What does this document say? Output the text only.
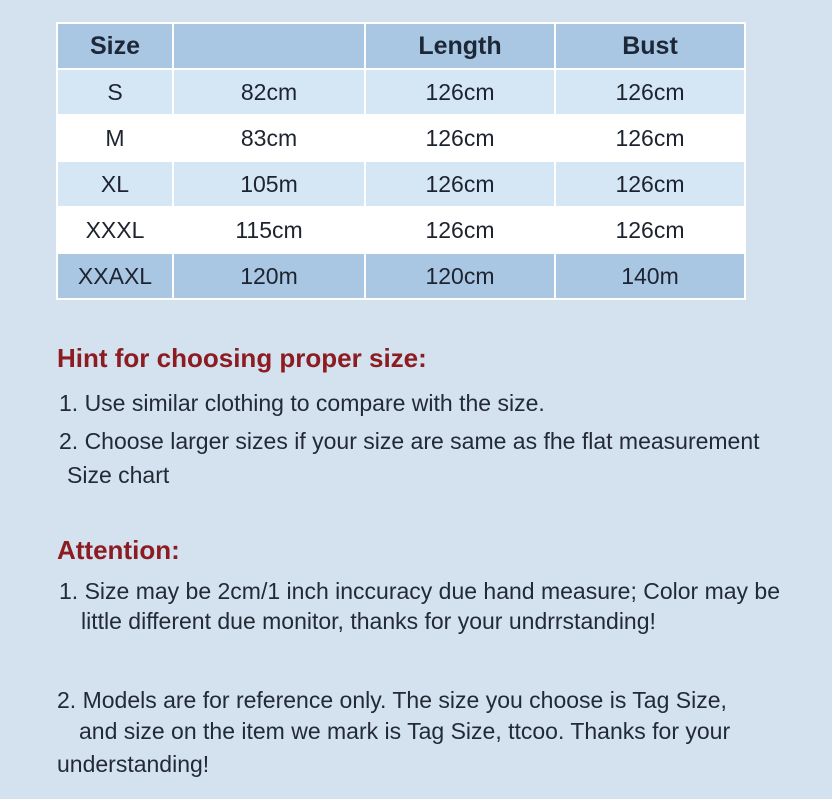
Size		Length	Bust
S	82cm	126cm	126cm
M	83cm	126cm	126cm
XL	105m	126cm	126cm
XXXL	115cm	126cm	126cm
XXAXL	120m	120cm	140m
Hint for choosing proper size:

1. Use similar clothing to compare with the size.

2. Choose larger sizes if your size are same as fhe flat measurement

Size chart

Attention:

1. Size may be 2cm/1 inch inccuracy due hand measure; Color may be

little different due monitor, thanks for your undrrstanding!

2. Models are for reference only. The size you choose is Tag Size,

and size on the item we mark is Tag Size, ttcoo. Thanks for your

understanding!
